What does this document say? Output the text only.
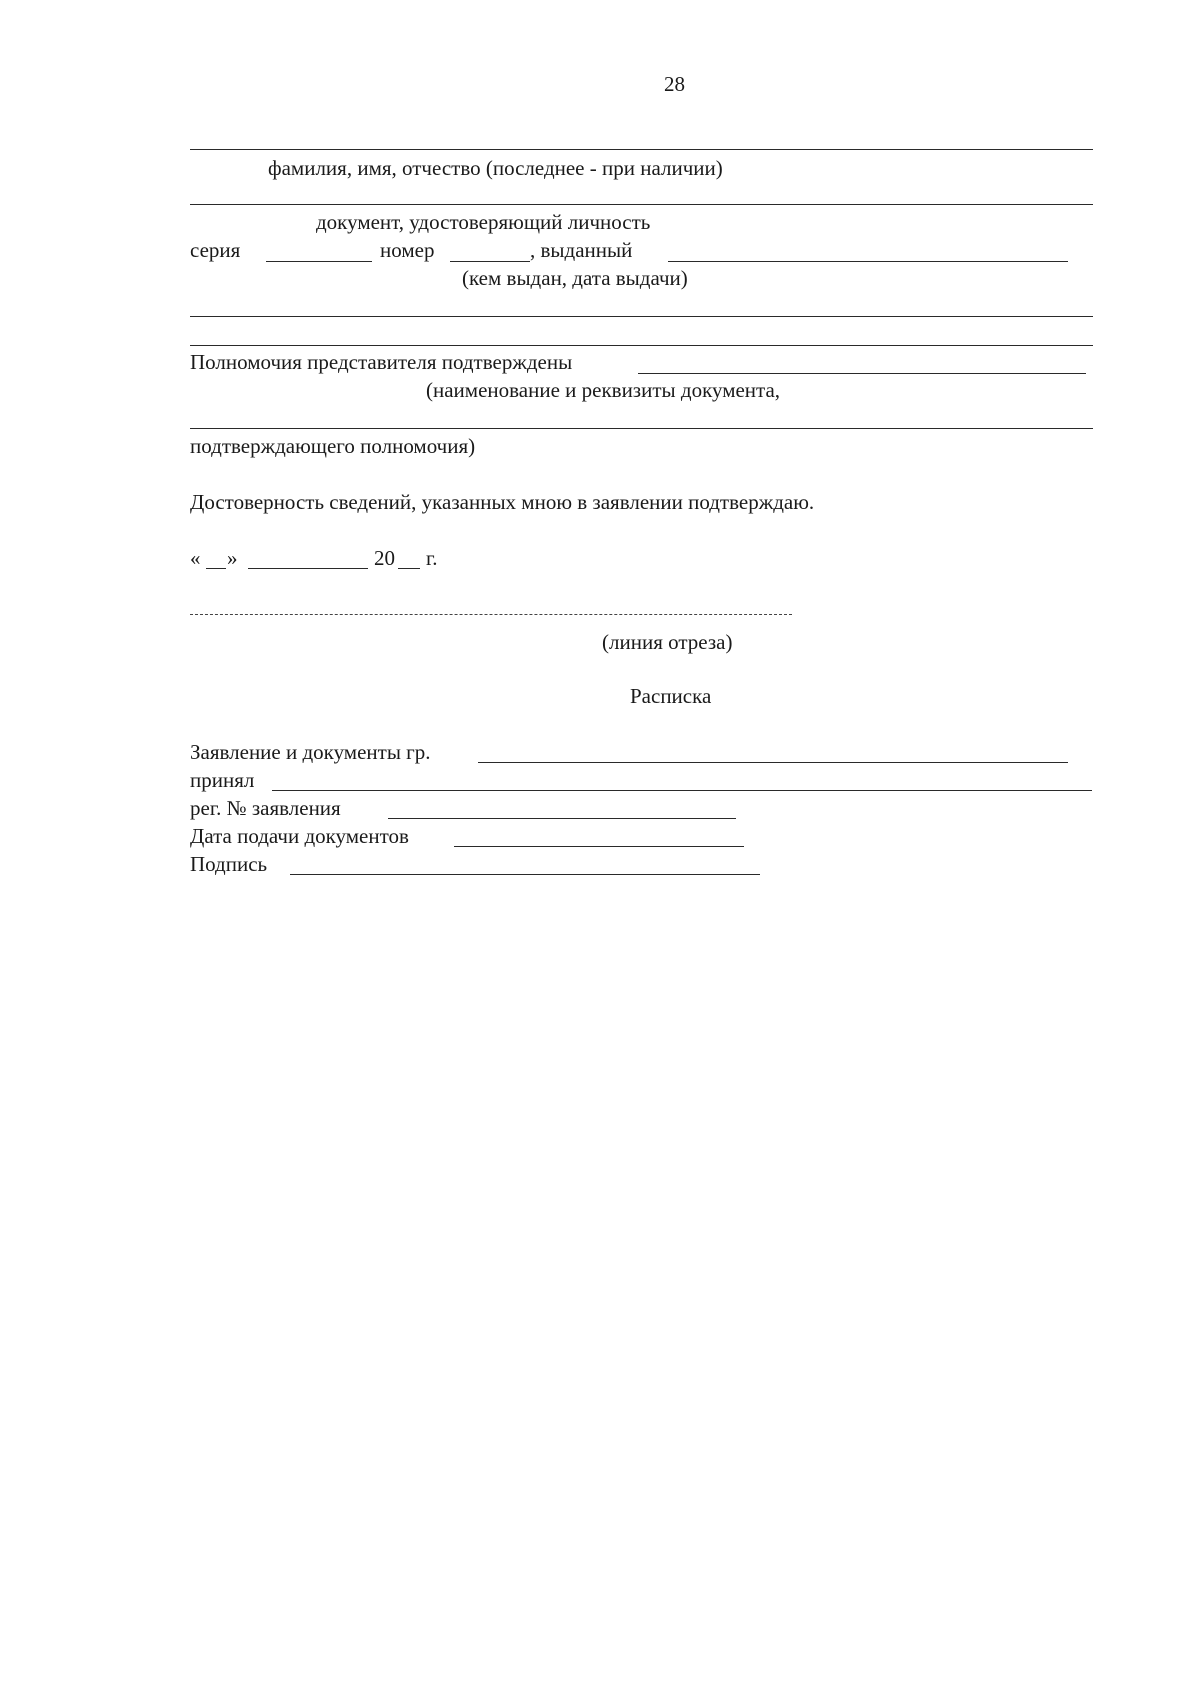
28
фамилия, имя, отчество (последнее - при наличии)
документ, удостоверяющий личность
серия	номер	, выданный
(кем выдан, дата выдачи)
Полномочия представителя подтверждены
(наименование и реквизиты документа,
подтверждающего полномочия)
Достоверность сведений, указанных мною в заявлении подтверждаю.
« »	20 г.
(линия отреза)
Расписка
Заявление и документы гр.
принял
рег. № заявления
Дата подачи документов
Подпись
